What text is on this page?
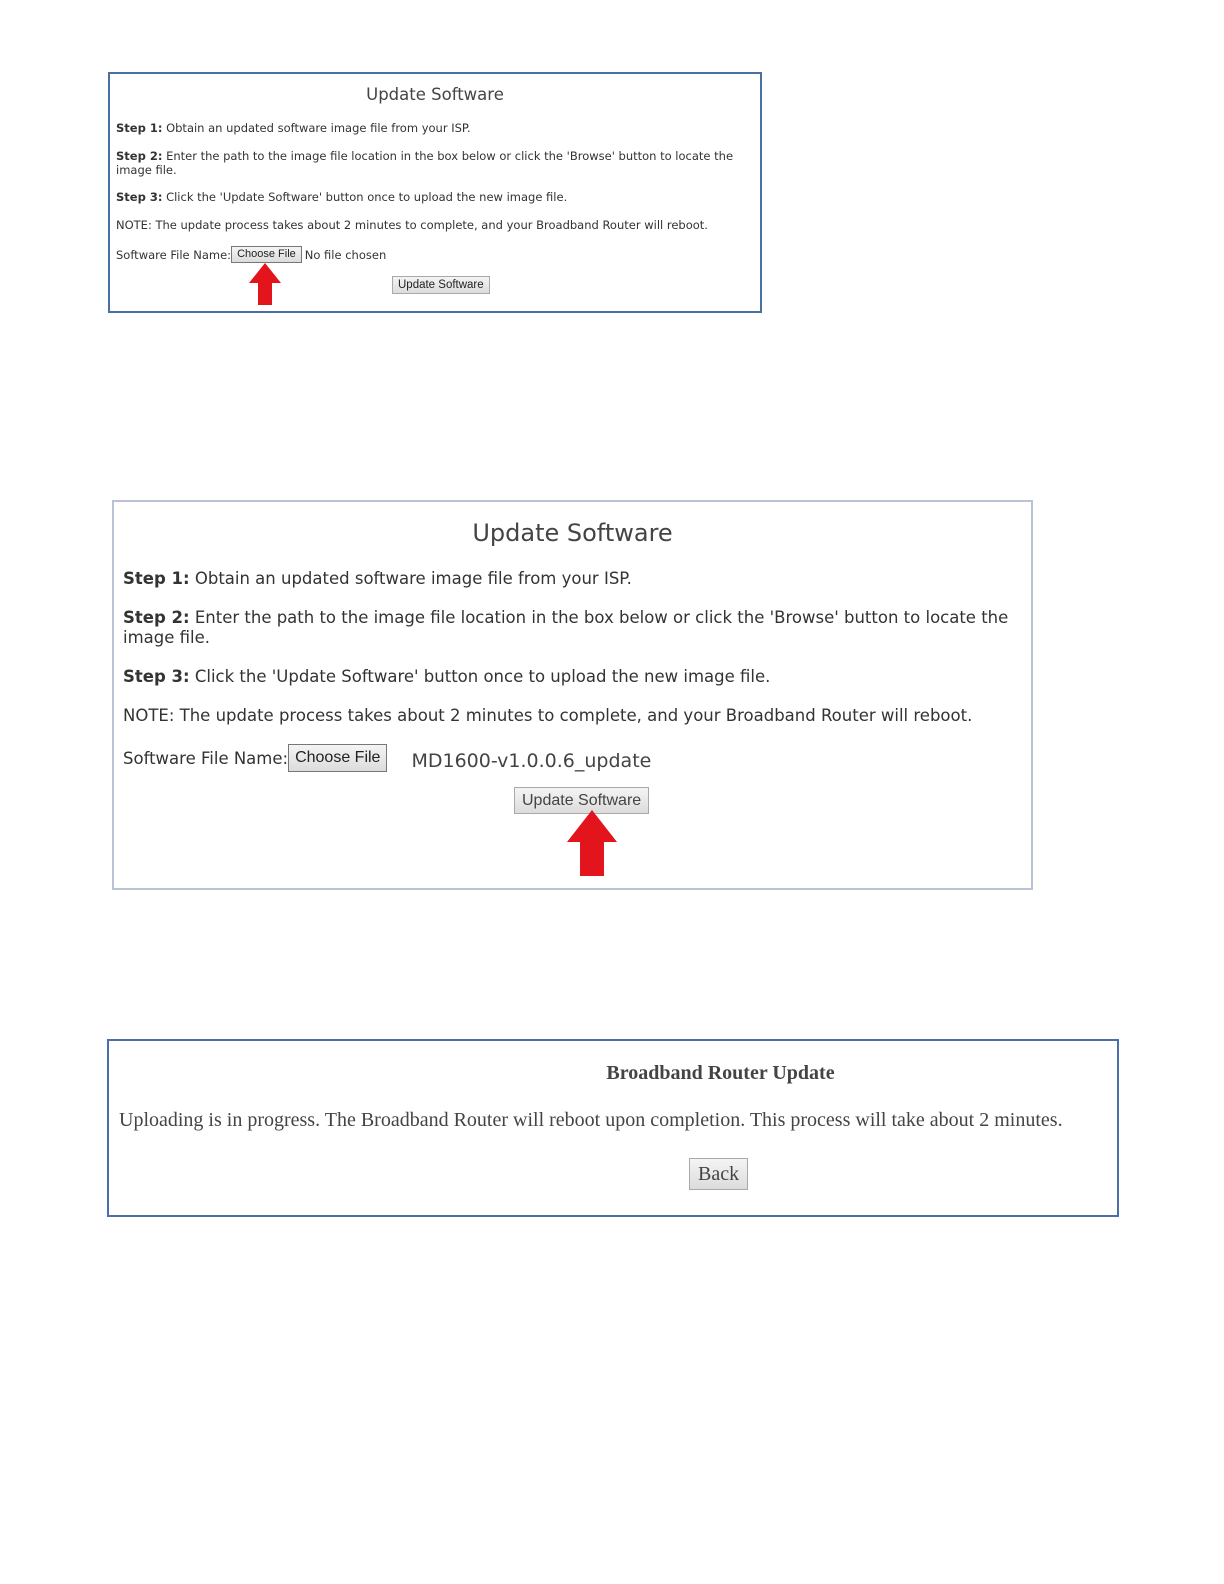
Update Software

Step 1: Obtain an updated software image file from your ISP.

Step 2: Enter the path to the image file location in the box below or click the 'Browse' button to locate the image file.

Step 3: Click the 'Update Software' button once to upload the new image file.

NOTE: The update process takes about 2 minutes to complete, and your Broadband Router will reboot.

Software File Name: Choose File No file chosen
Update Software
Update Software

Step 1: Obtain an updated software image file from your ISP.

Step 2: Enter the path to the image file location in the box below or click the 'Browse' button to locate the image file.

Step 3: Click the 'Update Software' button once to upload the new image file.

NOTE: The update process takes about 2 minutes to complete, and your Broadband Router will reboot.

Software File Name: Choose File	MD1600-v1.0.0.6_update
Update Software
Broadband Router Update
Uploading is in progress. The Broadband Router will reboot upon completion. This process will take about 2 minutes.
Back
